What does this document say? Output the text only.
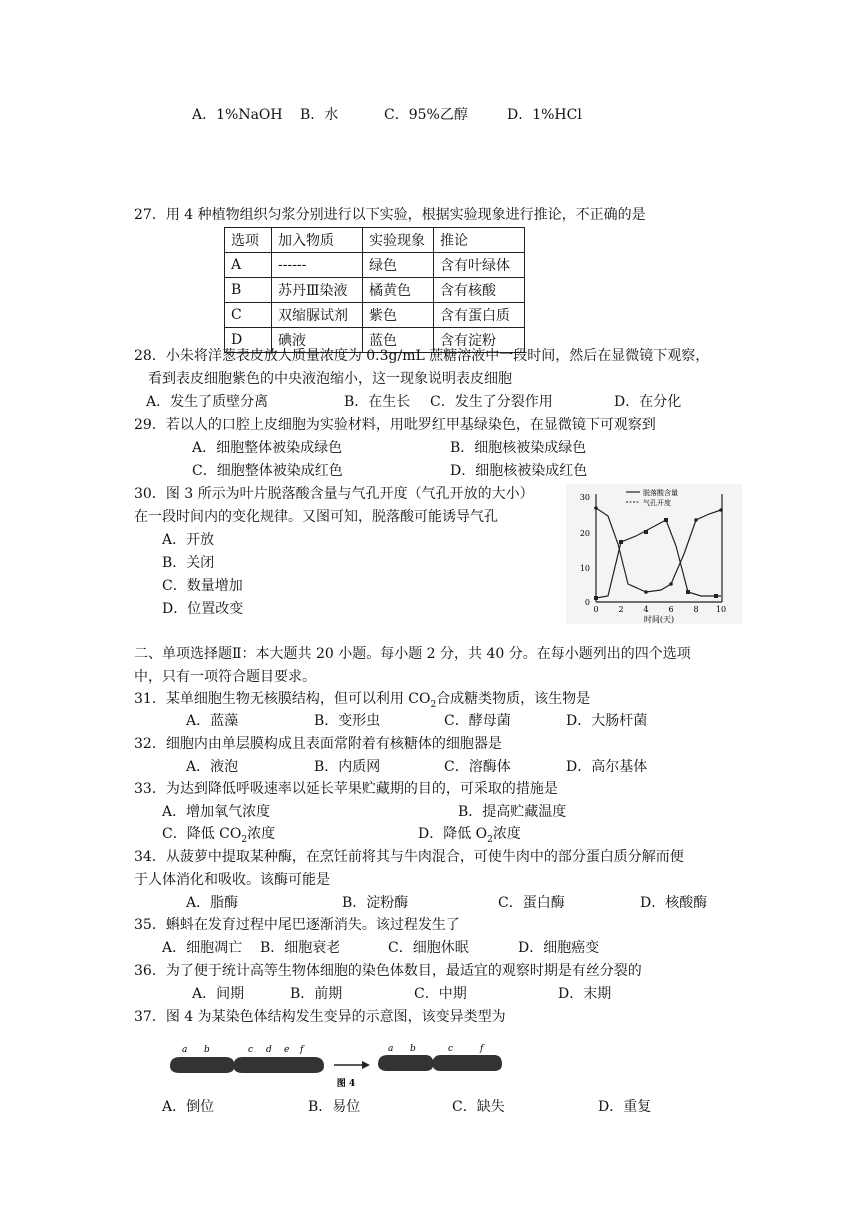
A．1%NaOH B．水	C．95%乙醇	D．1%HCl
27．用 4 种植物组织匀浆分别进行以下实验，根据实验现象进行推论，不正确的是
选项	加入物质	实验现象	推论
A	------	绿色	含有叶绿体
B	苏丹Ⅲ染液	橘黄色	含有核酸
C	双缩脲试剂	紫色	含有蛋白质
D	碘液	蓝色	含有淀粉
28．小朱将洋葱表皮放人质量浓度为 0.3g/mL 蔗糖溶液中一段时间，然后在显微镜下观察，
看到表皮细胞紫色的中央液泡缩小，这一现象说明表皮细胞
A．发生了质壁分离	B．在生长 C．发生了分裂作用	D．在分化
29．若以人的口腔上皮细胞为实验材料，用吡罗红甲基绿染色，在显微镜下可观察到
A．细胞整体被染成绿色	B．细胞核被染成绿色
C．细胞整体被染成红色	D．细胞核被染成红色
30．图 3 所示为叶片脱落酸含量与气孔开度（气孔开放的大小）
在一段时间内的变化规律。又图可知，脱落酸可能诱导气孔
A．开放
B．关闭
C．数量增加
D．位置改变
30
20
10
0
0 2 4 6 8 10
时间(天)
脱落酸含量
气孔开度
二、单项选择题Ⅱ：本大题共 20 小题。每小题 2 分，共 40 分。在每小题列出的四个选项
中，只有一项符合题目要求。
31．某单细胞生物无核膜结构，但可以利用 $CO_2$合成糖类物质，该生物是
A．蓝藻	B．变形虫	C．酵母菌	D．大肠杆菌
32．细胞内由单层膜构成且表面常附着有核糖体的细胞器是
A．液泡	B．内质网	C．溶酶体	D．高尔基体
33．为达到降低呼吸速率以延长苹果贮藏期的目的，可采取的措施是
A．增加氧气浓度	B．提高贮藏温度
C．降低 $CO_2$浓度	D．降低 $O_2$浓度
34．从菠萝中提取某种酶，在烹饪前将其与牛肉混合，可使牛肉中的部分蛋白质分解而便
于人体消化和吸收。该酶可能是
A．脂酶	B．淀粉酶	C．蛋白酶	D．核酸酶
35．蝌蚪在发育过程中尾巴逐渐消失。该过程发生了
A．细胞凋亡 B．细胞衰老	C．细胞休眠	D．细胞癌变
36．为了便于统计高等生物体细胞的染色体数目，最适宜的观察时期是有丝分裂的
A．间期	B．前期	C．中期	D．末期
37．图 4 为某染色体结构发生变异的示意图，该变异类型为
a b	c d e f	a b	c	f
图 4
A．倒位	B．易位	C．缺失	D．重复
